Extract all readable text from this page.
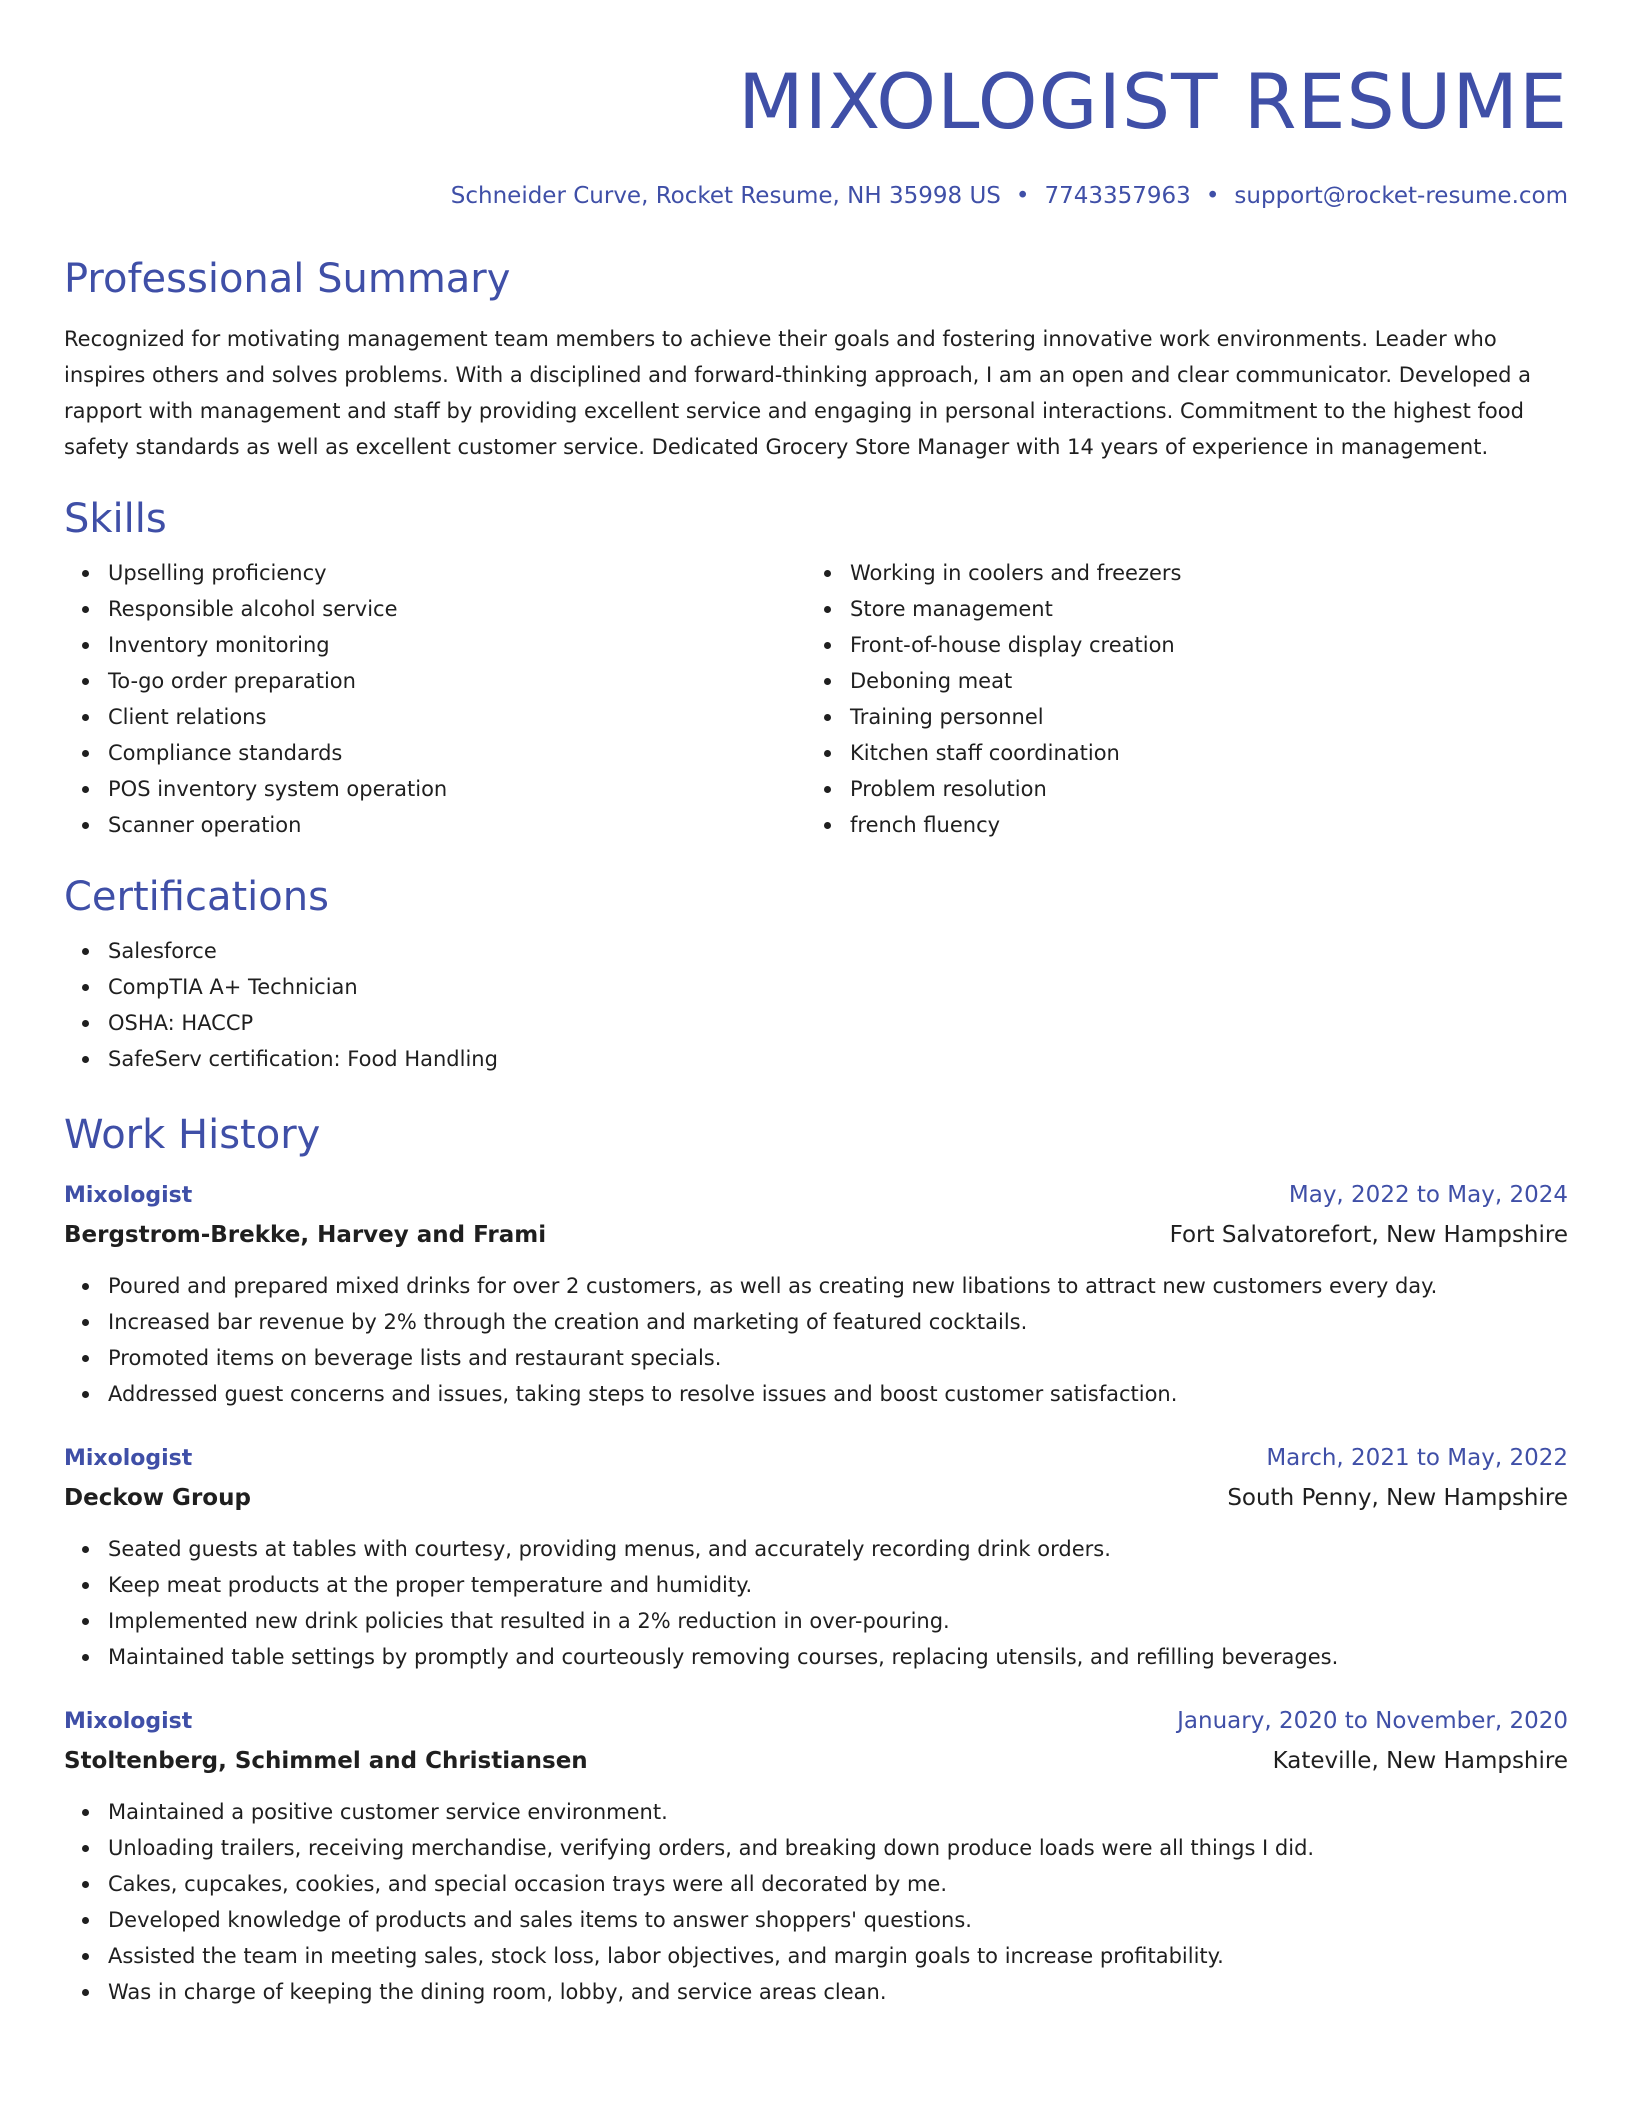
MIXOLOGIST RESUME
Schneider Curve, Rocket Resume, NH 35998 US • 7743357963 • support@rocket-resume.com
Professional Summary
Recognized for motivating management team members to achieve their goals and fostering innovative work environments. Leader who inspires others and solves problems. With a disciplined and forward-thinking approach, I am an open and clear communicator. Developed a rapport with management and staff by providing excellent service and engaging in personal interactions. Commitment to the highest food safety standards as well as excellent customer service. Dedicated Grocery Store Manager with 14 years of experience in management.
Skills
Upselling proficiency
Responsible alcohol service
Inventory monitoring
To-go order preparation
Client relations
Compliance standards
POS inventory system operation
Scanner operation
Working in coolers and freezers
Store management
Front-of-house display creation
Deboning meat
Training personnel
Kitchen staff coordination
Problem resolution
french fluency
Certifications
Salesforce
CompTIA A+ Technician
OSHA: HACCP
SafeServ certification: Food Handling
Work History
Mixologist	May, 2022 to May, 2024
Bergstrom-Brekke, Harvey and Frami	Fort Salvatorefort, New Hampshire
Poured and prepared mixed drinks for over 2 customers, as well as creating new libations to attract new customers every day.
Increased bar revenue by 2% through the creation and marketing of featured cocktails.
Promoted items on beverage lists and restaurant specials.
Addressed guest concerns and issues, taking steps to resolve issues and boost customer satisfaction.
Mixologist	March, 2021 to May, 2022
Deckow Group	South Penny, New Hampshire
Seated guests at tables with courtesy, providing menus, and accurately recording drink orders.
Keep meat products at the proper temperature and humidity.
Implemented new drink policies that resulted in a 2% reduction in over-pouring.
Maintained table settings by promptly and courteously removing courses, replacing utensils, and refilling beverages.
Mixologist	January, 2020 to November, 2020
Stoltenberg, Schimmel and Christiansen	Kateville, New Hampshire
Maintained a positive customer service environment.
Unloading trailers, receiving merchandise, verifying orders, and breaking down produce loads were all things I did.
Cakes, cupcakes, cookies, and special occasion trays were all decorated by me.
Developed knowledge of products and sales items to answer shoppers' questions.
Assisted the team in meeting sales, stock loss, labor objectives, and margin goals to increase profitability.
Was in charge of keeping the dining room, lobby, and service areas clean.
